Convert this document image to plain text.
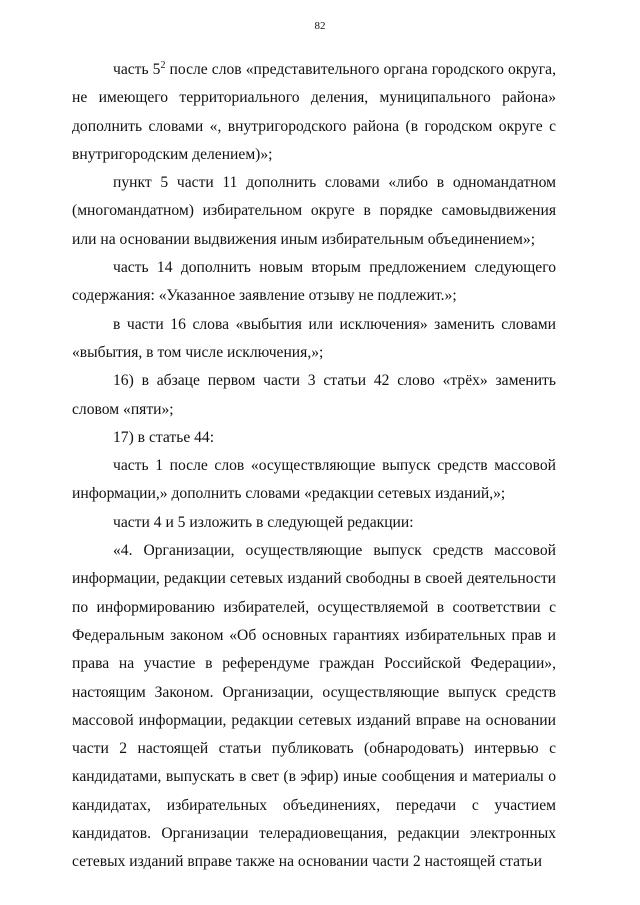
82

часть $5^2$ после слов «представительного органа городского округа, не имеющего территориального деления, муниципального района» дополнить словами «, внутригородского района (в городском округе с внутригородским делением)»;

пункт 5 части 11 дополнить словами «либо в одномандатном (многомандатном) избирательном округе в порядке самовыдвижения или на основании выдвижения иным избирательным объединением»;

часть 14 дополнить новым вторым предложением следующего содержания: «Указанное заявление отзыву не подлежит.»;

в части 16 слова «выбытия или исключения» заменить словами «выбытия, в том числе исключения,»;

16) в абзаце первом части 3 статьи 42 слово «трёх» заменить словом «пяти»;

17) в статье 44:

часть 1 после слов «осуществляющие выпуск средств массовой информации,» дополнить словами «редакции сетевых изданий,»;

части 4 и 5 изложить в следующей редакции:

«4. Организации, осуществляющие выпуск средств массовой информации, редакции сетевых изданий свободны в своей деятельности по информированию избирателей, осуществляемой в соответствии с Федеральным законом «Об основных гарантиях избирательных прав и права на участие в референдуме граждан Российской Федерации», настоящим Законом. Организации, осуществляющие выпуск средств массовой информации, редакции сетевых изданий вправе на основании части 2 настоящей статьи публиковать (обнародовать) интервью с кандидатами, выпускать в свет (в эфир) иные сообщения и материалы о кандидатах, избирательных объединениях, передачи с участием кандидатов. Организации телерадиовещания, редакции электронных сетевых изданий вправе также на основании части 2 настоящей статьи
